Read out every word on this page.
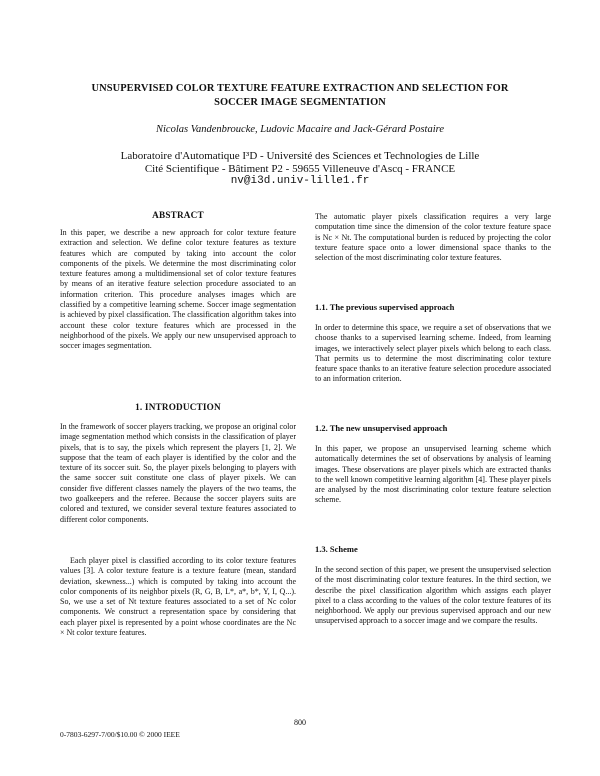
UNSUPERVISED COLOR TEXTURE FEATURE EXTRACTION AND SELECTION FOR
SOCCER IMAGE SEGMENTATION
Nicolas Vandenbroucke, Ludovic Macaire and Jack-Gérard Postaire
Laboratoire d'Automatique I³D - Université des Sciences et Technologies de Lille
Cité Scientifique - Bâtiment P2 - 59655 Villeneuve d'Ascq - FRANCE
nv@i3d.univ-lille1.fr
ABSTRACT
In this paper, we describe a new approach for color texture feature extraction and selection. We define color texture features as texture features which are computed by taking into account the color components of the pixels. We determine the most discriminating color texture features among a multidimensional set of color texture features by means of an iterative feature selection procedure associated to an information criterion. This procedure analyses images which are classified by a competitive learning scheme. Soccer image segmentation is achieved by pixel classification. The classification algorithm takes into account these color texture features which are processed in the neighborhood of the pixels. We apply our new unsupervised approach to soccer images segmentation.
1. INTRODUCTION
In the framework of soccer players tracking, we propose an original color image segmentation method which consists in the classification of player pixels, that is to say, the pixels which represent the players [1, 2]. We suppose that the team of each player is identified by the color and the texture of its soccer suit. So, the player pixels belonging to players with the same soccer suit constitute one class of player pixels. We can consider five different classes namely the players of the two teams, the two goalkeepers and the referee. Because the soccer players suits are colored and textured, we consider several texture features associated to different color components.
Each player pixel is classified according to its color texture features values [3]. A color texture feature is a texture feature (mean, standard deviation, skewness...) which is computed by taking into account the color components of its neighbor pixels (R, G, B, L*, a*, b*, Y, I, Q...). So, we use a set of Nt texture features associated to a set of Nc color components. We construct a representation space by considering that each player pixel is represented by a point whose coordinates are the Nc × Nt color texture features.
The automatic player pixels classification requires a very large computation time since the dimension of the color texture feature space is Nc × Nt. The computational burden is reduced by projecting the color texture feature space onto a lower dimensional space thanks to the selection of the most discriminating color texture features.
1.1. The previous supervised approach
In order to determine this space, we require a set of observations that we choose thanks to a supervised learning scheme. Indeed, from learning images, we interactively select player pixels which belong to each class. That permits us to determine the most discriminating color texture feature space thanks to an iterative feature selection procedure associated to an information criterion.
1.2. The new unsupervised approach
In this paper, we propose an unsupervised learning scheme which automatically determines the set of observations by analysis of learning images. These observations are player pixels which are extracted thanks to the well known competitive learning algorithm [4]. These player pixels are analysed by the most discriminating color texture feature selection scheme.
1.3. Scheme
In the second section of this paper, we present the unsupervised selection of the most discriminating color texture features. In the third section, we describe the pixel classification algorithm which assigns each player pixel to a class according to the values of the color texture features of its neighborhood. We apply our previous supervised approach and our new unsupervised approach to a soccer image and we compare the results.
800
0-7803-6297-7/00/$10.00 © 2000 IEEE
